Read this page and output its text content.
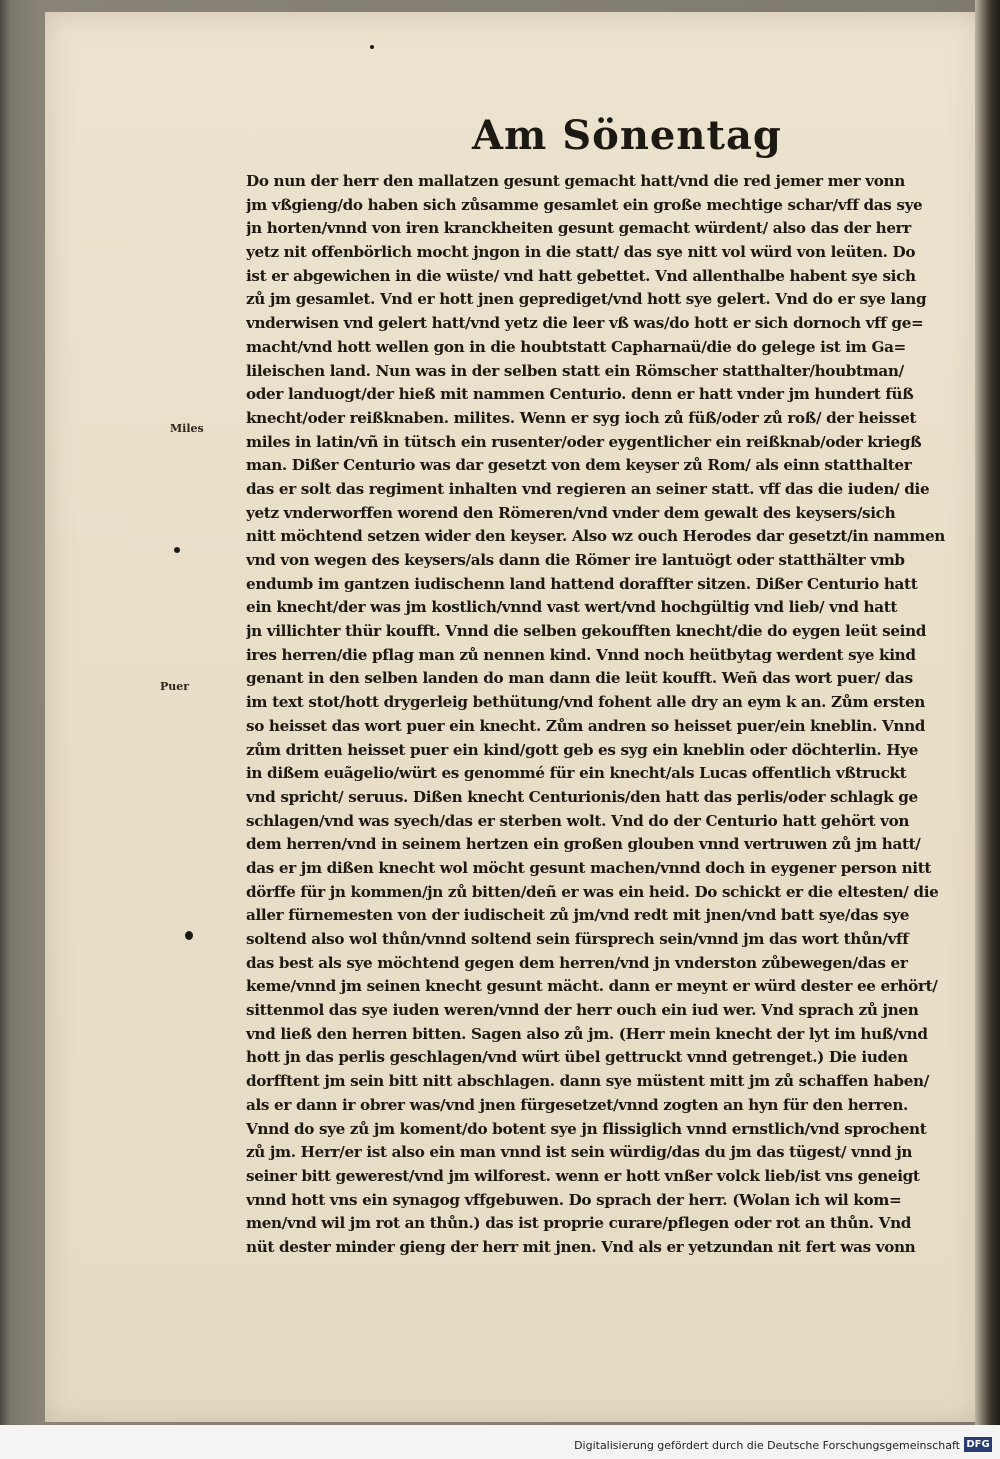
Am Sönentag
Miles
Puer
Do nun der herr den mallatzen gesunt gemacht hatt/vnd die red jemer mer vonn
jm vßgieng/do haben sich zůsamme gesamlet ein große mechtige schar/vff das sye
jn horten/vnnd von iren kranckheiten gesunt gemacht würdent/ also das der herr
yetz nit offenbörlich mocht jngon in die statt/ das sye nitt vol würd von leüten. Do
ist er abgewichen in die wüste/ vnd hatt gebettet. Vnd allenthalbe habent sye sich
zů jm gesamlet. Vnd er hott jnen geprediget/vnd hott sye gelert. Vnd do er sye lang
vnderwisen vnd gelert hatt/vnd yetz die leer vß was/do hott er sich dornoch vff ge=
macht/vnd hott wellen gon in die houbtstatt Capharnaü/die do gelege ist im Ga=
lileischen land. Nun was in der selben statt ein Römscher statthalter/houbtman/
oder landuogt/der hieß mit nammen Centurio. denn er hatt vnder jm hundert füß
knecht/oder reißknaben. milites. Wenn er syg ioch zů füß/oder zů roß/ der heisset
miles in latin/vñ in tütsch ein rusenter/oder eygentlicher ein reißknab/oder kriegß
man. Dißer Centurio was dar gesetzt von dem keyser zů Rom/ als einn statthalter
das er solt das regiment inhalten vnd regieren an seiner statt. vff das die iuden/ die
yetz vnderworffen worend den Römeren/vnd vnder dem gewalt des keysers/sich
nitt möchtend setzen wider den keyser. Also wz ouch Herodes dar gesetzt/in nammen
vnd von wegen des keysers/als dann die Römer ire lantuögt oder statthälter vmb
endumb im gantzen iudischenn land hattend doraffter sitzen. Dißer Centurio hatt
ein knecht/der was jm kostlich/vnnd vast wert/vnd hochgültig vnd lieb/ vnd hatt
jn villichter thür koufft. Vnnd die selben gekoufften knecht/die do eygen leüt seind
ires herren/die pflag man zů nennen kind. Vnnd noch heütbytag werdent sye kind
genant in den selben landen do man dann die leüt koufft. Weñ das wort puer/ das
im text stot/hott drygerleig bethütung/vnd fohent alle dry an eym k an. Zům ersten
so heisset das wort puer ein knecht. Zům andren so heisset puer/ein kneblin. Vnnd
zům dritten heisset puer ein kind/gott geb es syg ein kneblin oder döchterlin. Hye
in dißem euãgelio/würt es genommé für ein knecht/als Lucas offentlich vßtruckt
vnd spricht/ seruus. Dißen knecht Centurionis/den hatt das perlis/oder schlagk ge
schlagen/vnd was syech/das er sterben wolt. Vnd do der Centurio hatt gehört von
dem herren/vnd in seinem hertzen ein großen glouben vnnd vertruwen zů jm hatt/
das er jm dißen knecht wol möcht gesunt machen/vnnd doch in eygener person nitt
dörffe für jn kommen/jn zů bitten/deñ er was ein heid. Do schickt er die eltesten/ die
aller fürnemesten von der iudischeit zů jm/vnd redt mit jnen/vnd batt sye/das sye
soltend also wol thůn/vnnd soltend sein fürsprech sein/vnnd jm das wort thůn/vff
das best als sye möchtend gegen dem herren/vnd jn vnderston zůbewegen/das er
keme/vnnd jm seinen knecht gesunt mächt. dann er meynt er würd dester ee erhört/
sittenmol das sye iuden weren/vnnd der herr ouch ein iud wer. Vnd sprach zů jnen
vnd ließ den herren bitten. Sagen also zů jm. (Herr mein knecht der lyt im huß/vnd
hott jn das perlis geschlagen/vnd würt übel gettruckt vnnd getrenget.) Die iuden
dorfftent jm sein bitt nitt abschlagen. dann sye müstent mitt jm zů schaffen haben/
als er dann ir obrer was/vnd jnen fürgesetzet/vnnd zogten an hyn für den herren.
Vnnd do sye zů jm koment/do botent sye jn flissiglich vnnd ernstlich/vnd sprochent
zů jm. Herr/er ist also ein man vnnd ist sein würdig/das du jm das tügest/ vnnd jn
seiner bitt gewerest/vnd jm wilforest. wenn er hott vnßer volck lieb/ist vns geneigt
vnnd hott vns ein synagog vffgebuwen. Do sprach der herr. (Wolan ich wil kom=
men/vnd wil jm rot an thůn.) das ist proprie curare/pflegen oder rot an thůn. Vnd
nüt dester minder gieng der herr mit jnen. Vnd als er yetzundan nit fert was vonn
Digitalisierung gefördert durch die Deutsche Forschungsgemeinschaft DFG
